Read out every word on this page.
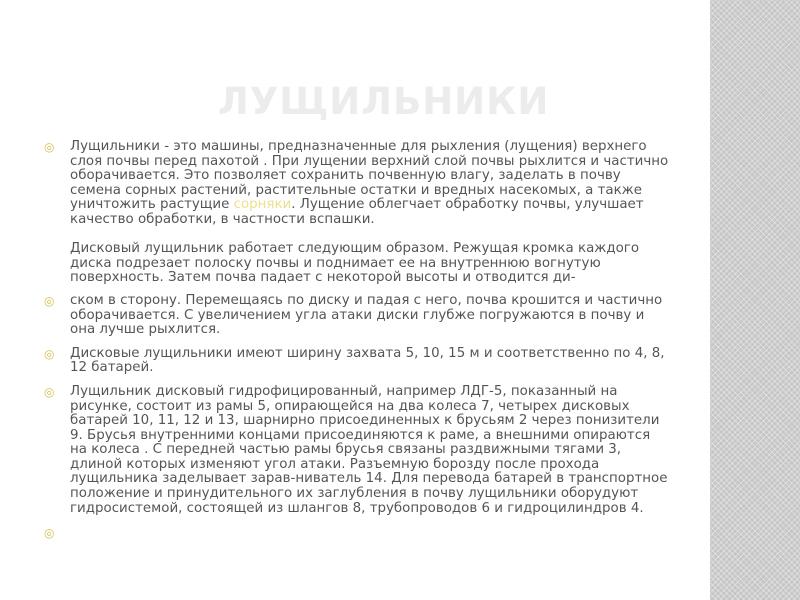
ЛУЩИЛЬНИКИ
◎ Лущильники - это машины, предназначенные для рыхления (лущения) верхнего слоя почвы перед пахотой . При лущении верхний слой почвы рыхлится и частично оборачивается. Это позволяет сохранить почвенную влагу, заделать в почву семена сорных растений, растительные остатки и вредных насекомых, а также уничтожить растущие сорняки. Лущение облегчает обработку почвы, улучшает качество обработки, в частности вспашки.
Дисковый лущильник работает следующим образом. Режущая кромка каждого диска подрезает полоску почвы и поднимает ее на внутреннюю вогнутую поверхность. Затем почва падает с некоторой высоты и отводится ди-
◎ ском в сторону. Перемещаясь по диску и падая с него, почва крошится и частично оборачивается. С увеличением угла атаки диски глубже погружаются в почву и она лучше рыхлится.
◎ Дисковые лущильники имеют ширину захвата 5, 10, 15 м и соответственно по 4, 8, 12 батарей.
◎ Лущильник дисковый гидрофицированный, например ЛДГ-5, показанный на рисунке, состоит из рамы 5, опирающейся на два колеса 7, четырех дисковых батарей 10, 11, 12 и 13, шарнирно присоединенных к брусьям 2 через понизители 9. Брусья внутренними концами присоединяются к раме, а внешними опираются на колеса . С передней частью рамы брусья связаны раздвижными тягами 3, длиной которых изменяют угол атаки. Разъемную борозду после прохода лущильника заделывает зарав-ниватель 14. Для перевода батарей в транспортное положение и принудительного их заглубления в почву лущильники оборудуют гидросистемой, состоящей из шлангов 8, трубопроводов 6 и гидроцилиндров 4.
◎
